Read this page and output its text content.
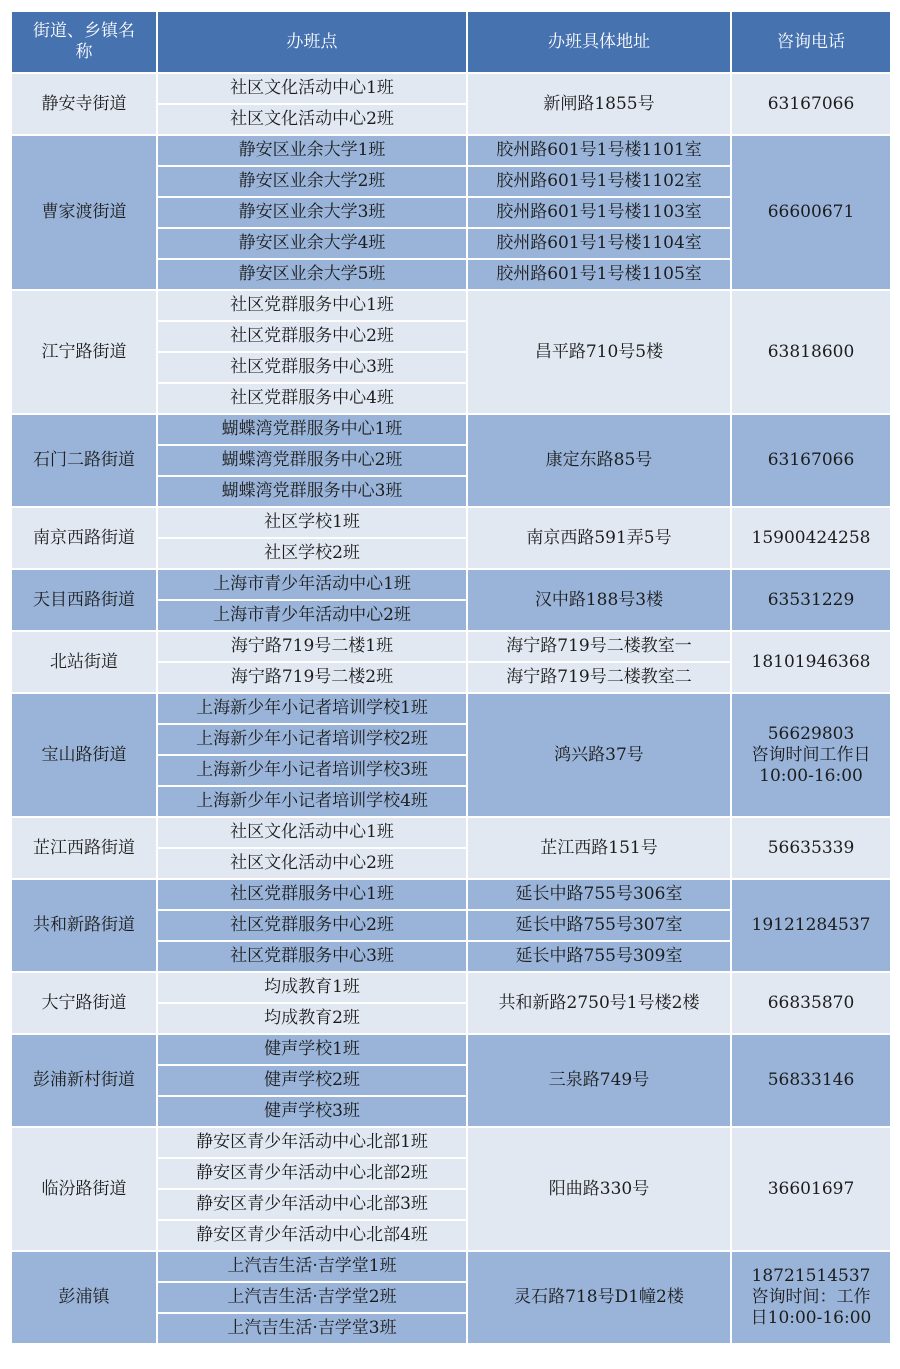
街道、乡镇名称	办班点	办班具体地址	咨询电话
静安寺街道	社区文化活动中心1班	新闸路1855号	63167066

	社区文化活动中心2班		
曹家渡街道	静安区业余大学1班	胶州路601号1号楼1101室	66600671

	静安区业余大学2班	胶州路601号1号楼1102室	
	静安区业余大学3班	胶州路601号1号楼1103室	
	静安区业余大学4班	胶州路601号1号楼1104室	
	静安区业余大学5班	胶州路601号1号楼1105室	
江宁路街道	社区党群服务中心1班	昌平路710号5楼	63818600

	社区党群服务中心2班		
	社区党群服务中心3班		
	社区党群服务中心4班		
石门二路街道	蝴蝶湾党群服务中心1班	康定东路85号	63167066

	蝴蝶湾党群服务中心2班		
	蝴蝶湾党群服务中心3班		
南京西路街道	社区学校1班	南京西路591弄5号	15900424258

	社区学校2班		
天目西路街道	上海市青少年活动中心1班	汉中路188号3楼	63531229

	上海市青少年活动中心2班		
北站街道	海宁路719号二楼1班	海宁路719号二楼教室一	18101946368

	海宁路719号二楼2班	海宁路719号二楼教室二	
宝山路街道	上海新少年小记者培训学校1班	鸿兴路37号	56629803
咨询时间工作日
10:00-16:00

	上海新少年小记者培训学校2班		
	上海新少年小记者培训学校3班		
	上海新少年小记者培训学校4班		
芷江西路街道	社区文化活动中心1班	芷江西路151号	56635339

	社区文化活动中心2班		
共和新路街道	社区党群服务中心1班	延长中路755号306室	19121284537

	社区党群服务中心2班	延长中路755号307室	
	社区党群服务中心3班	延长中路755号309室	
大宁路街道	均成教育1班	共和新路2750号1号楼2楼	66835870

	均成教育2班		
彭浦新村街道	健声学校1班	三泉路749号	56833146

	健声学校2班		
	健声学校3班		
临汾路街道	静安区青少年活动中心北部1班	阳曲路330号	36601697

	静安区青少年活动中心北部2班		
	静安区青少年活动中心北部3班		
	静安区青少年活动中心北部4班		
彭浦镇	上汽吉生活·吉学堂1班	灵石路718号D1幢2楼	18721514537
咨询时间：工作
日10:00-16:00

	上汽吉生活·吉学堂2班		
	上汽吉生活·吉学堂3班		
